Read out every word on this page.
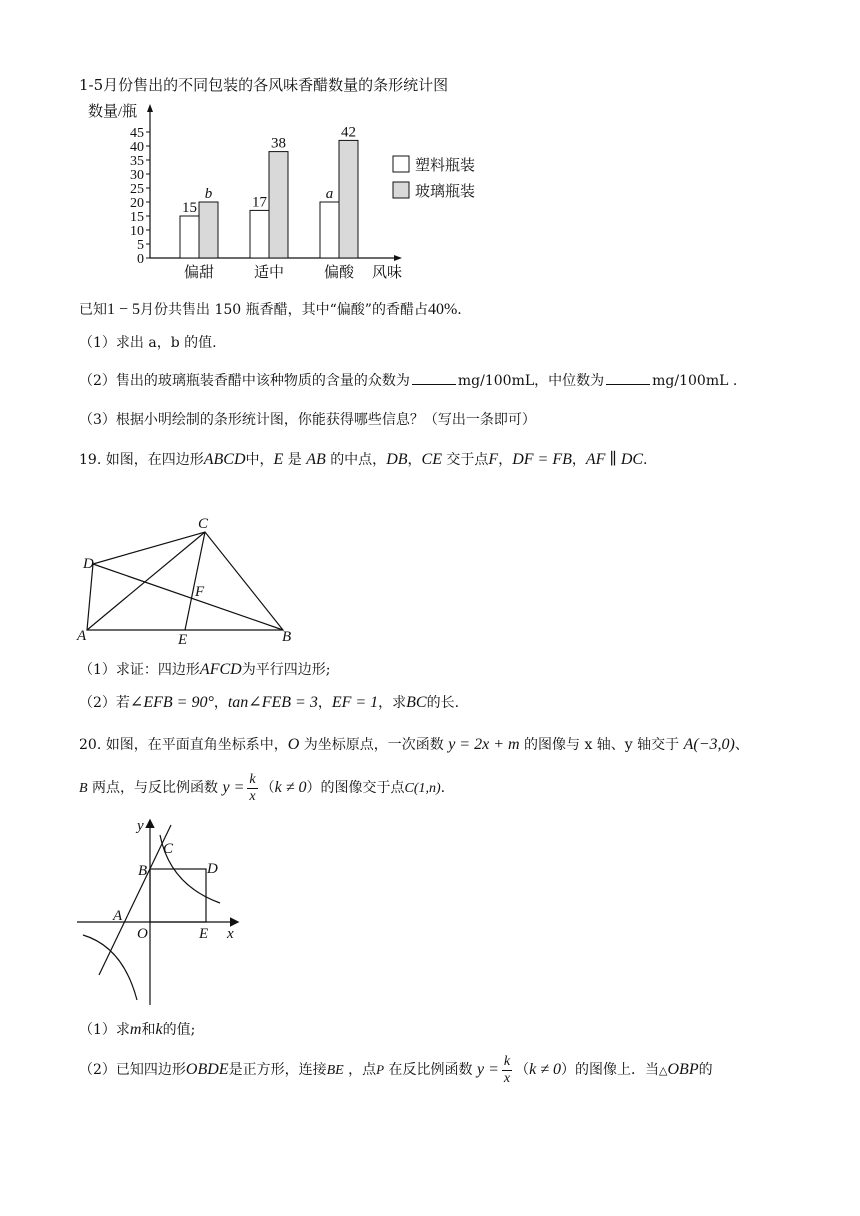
1-5月份售出的不同包装的各风味香醋数量的条形统计图
数量/瓶
0
5
10
15
20
25
30
35
40
45
15
b
偏甜
17
38
适中
a
42
偏酸 风味
塑料瓶装
玻璃瓶装
已知1 − 5月份共售出 150 瓶香醋，其中“偏酸”的香醋占40%.
（1）求出 a，b 的值.
（2）售出的玻璃瓶装香醋中该种物质的含量的众数为	mg/100mL，中位数为	mg/100mL .
（3）根据小明绘制的条形统计图，你能获得哪些信息？（写出一条即可）
19. 如图，在四边形ABCD中，E 是 AB 的中点，DB，CE 交于点F，DF = FB，AF ∥ DC.
A	B
C
D
E
F
（1）求证：四边形AFCD为平行四边形;
（2）若∠EFB = 90°，tan∠FEB = 3，EF = 1，求BC的长.
20. 如图，在平面直角坐标系中，O 为坐标原点，一次函数 y = 2x + m 的图像与 x 轴、y 轴交于 A(−3,0)、
B 两点，与反比例函数 $y = \frac{k}{x} (k \ne 0)$的图像交于点C(1,n).
y
x
O
A
B
C
D
E
（1）求m和k的值;
（2）已知四边形OBDE是正方形，连接BE ，点P 在反比例函数 $y = \frac{k}{x} (k \ne 0)$的图像上．当△OBP的
